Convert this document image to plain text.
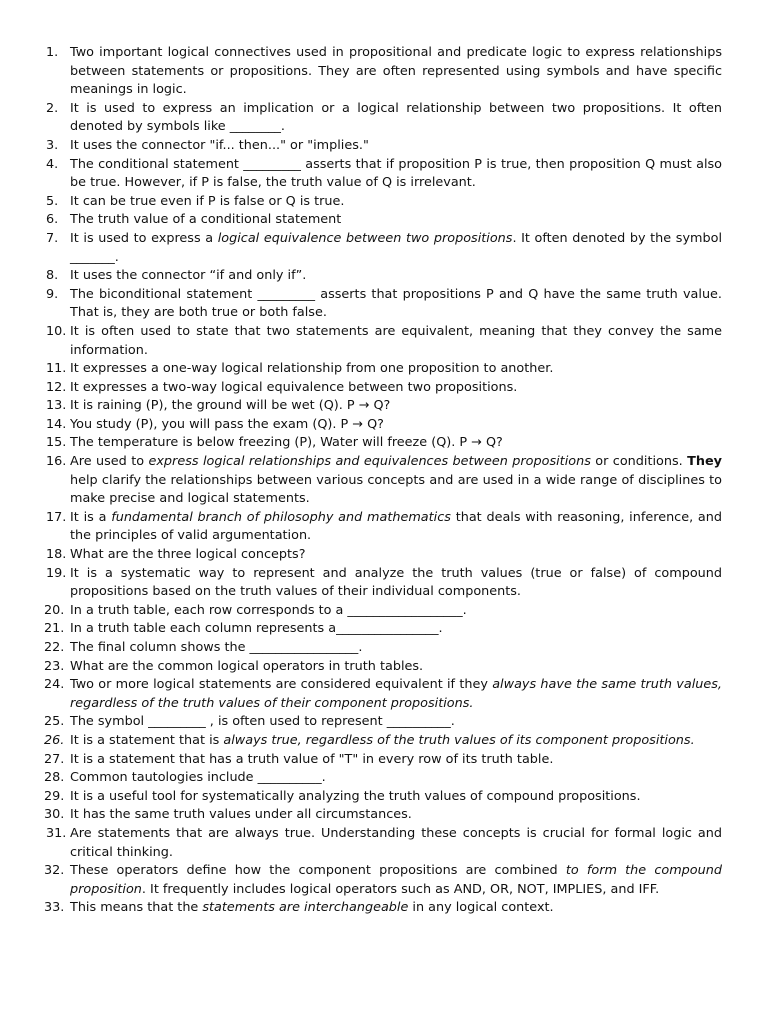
1. Two important logical connectives used in propositional and predicate logic to express relationships between statements or propositions. They are often represented using symbols and have specific meanings in logic.
2. It is used to express an implication or a logical relationship between two propositions. It often denoted by symbols like ________.
3. It uses the connector "if... then..." or "implies."
4. The conditional statement _________ asserts that if proposition P is true, then proposition Q must also be true. However, if P is false, the truth value of Q is irrelevant.
5. It can be true even if P is false or Q is true.
6. The truth value of a conditional statement
7. It is used to express a logical equivalence between two propositions. It often denoted by the symbol _______.
8. It uses the connector “if and only if”.
9. The biconditional statement _________ asserts that propositions P and Q have the same truth value. That is, they are both true or both false.
10. It is often used to state that two statements are equivalent, meaning that they convey the same information.
11. It expresses a one-way logical relationship from one proposition to another.
12. It expresses a two-way logical equivalence between two propositions.
13. It is raining (P), the ground will be wet (Q). P → Q?
14. You study (P), you will pass the exam (Q). P → Q?
15. The temperature is below freezing (P), Water will freeze (Q). P → Q?
16. Are used to express logical relationships and equivalences between propositions or conditions. They help clarify the relationships between various concepts and are used in a wide range of disciplines to make precise and logical statements.
17. It is a fundamental branch of philosophy and mathematics that deals with reasoning, inference, and the principles of valid argumentation.
18. What are the three logical concepts?
19. It is a systematic way to represent and analyze the truth values (true or false) of compound propositions based on the truth values of their individual components.
20. In a truth table, each row corresponds to a __________________.
21. In a truth table each column represents a________________.
22. The final column shows the _________________.
23. What are the common logical operators in truth tables.
24. Two or more logical statements are considered equivalent if they always have the same truth values, regardless of the truth values of their component propositions.
25. The symbol _________ , is often used to represent __________.
26. It is a statement that is always true, regardless of the truth values of its component propositions.
27. It is a statement that has a truth value of "T" in every row of its truth table.
28. Common tautologies include __________.
29. It is a useful tool for systematically analyzing the truth values of compound propositions.
30. It has the same truth values under all circumstances.
31. Are statements that are always true. Understanding these concepts is crucial for formal logic and critical thinking.
32. These operators define how the component propositions are combined to form the compound proposition. It frequently includes logical operators such as AND, OR, NOT, IMPLIES, and IFF.
33. This means that the statements are interchangeable in any logical context.
